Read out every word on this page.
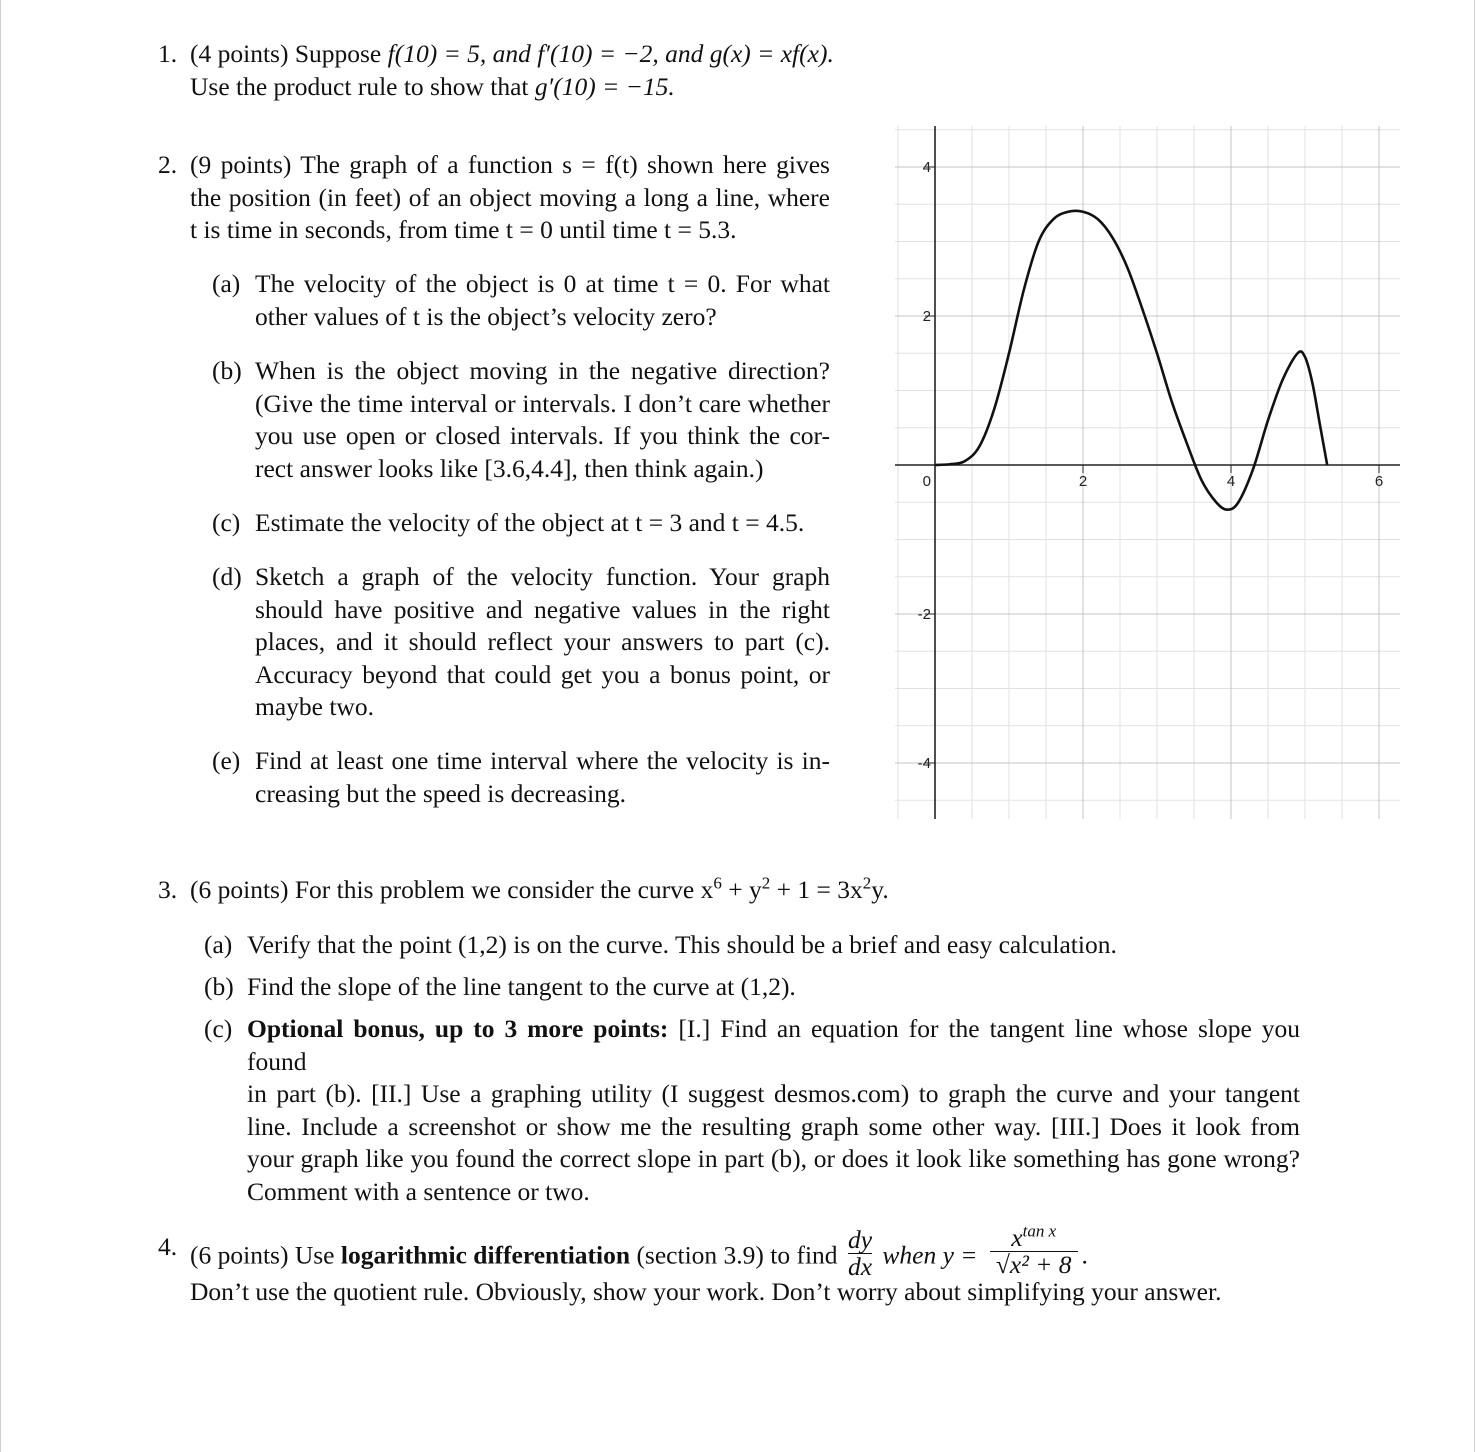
1. (4 points) Suppose f(10) = 5, and f′(10) = −2, and g(x) = xf(x).
Use the product rule to show that g′(10) = −15.
2. (9 points) The graph of a function s = f(t) shown here gives
the position (in feet) of an object moving a long a line, where
t is time in seconds, from time t = 0 until time t = 5.3.
(a) The velocity of the object is 0 at time t = 0. For what
other values of t is the object’s velocity zero?
(b) When is the object moving in the negative direction?
(Give the time interval or intervals. I don’t care whether
you use open or closed intervals. If you think the cor-
rect answer looks like [3.6,4.4], then think again.)
(c) Estimate the velocity of the object at t = 3 and t = 4.5.
(d) Sketch a graph of the velocity function. Your graph
should have positive and negative values in the right
places, and it should reflect your answers to part (c).
Accuracy beyond that could get you a bonus point, or
maybe two.
(e) Find at least one time interval where the velocity is in-
creasing but the speed is decreasing.
4
2
0
-2
-4
2	4	6
3. (6 points) For this problem we consider the curve $x^6 + y^2 + 1 = 3x^2y$.
(a) Verify that the point (1,2) is on the curve. This should be a brief and easy calculation.
(b) Find the slope of the line tangent to the curve at (1,2).
(c) Optional bonus, up to 3 more points: [I.] Find an equation for the tangent line whose slope you found
in part (b). [II.] Use a graphing utility (I suggest desmos.com) to graph the curve and your tangent
line. Include a screenshot or show me the resulting graph some other way. [III.] Does it look from
your graph like you found the correct slope in part (b), or does it look like something has gone wrong?
Comment with a sentence or two.
4. (6 points) Use logarithmic differentiation (section 3.9) to find $\frac{dy}{dx}$ when $y = \frac{x^{tan x}}{\text{√x² + 8}}$ .
Don’t use the quotient rule. Obviously, show your work. Don’t worry about simplifying your answer.
